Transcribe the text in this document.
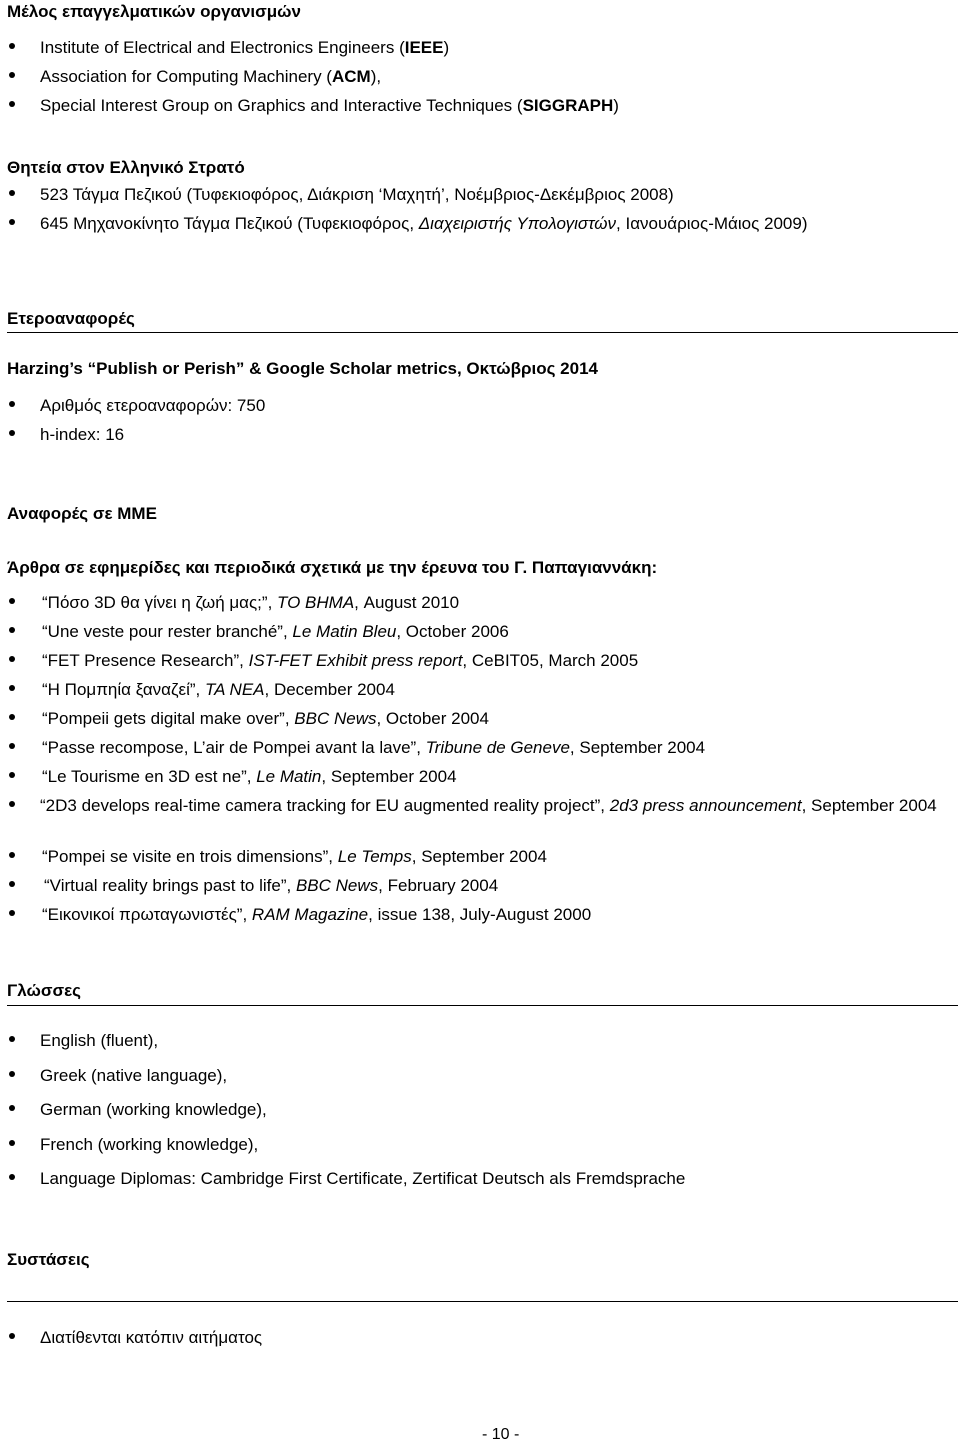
Μέλος επαγγελματικών οργανισμών
Institute of Electrical and Electronics Engineers (IEEE)
Association for Computing Machinery (ACM),
Special Interest Group on Graphics and Interactive Techniques (SIGGRAPH)
Θητεία στον Ελληνικό Στρατό
523 Τάγμα Πεζικού (Τυφεκιοφόρος, Διάκριση ‘Μαχητή’, Νοέμβριος-Δεκέμβριος 2008)
645 Μηχανοκίνητο Τάγμα Πεζικού (Τυφεκιοφόρος, Διαχειριστής Υπολογιστών, Ιανουάριος-Μάιος 2009)
Ετεροαναφορές
Harzing’s “Publish or Perish” & Google Scholar metrics, Οκτώβριος 2014
Αριθμός ετεροαναφορών: 750
h-index: 16
Αναφορές σε ΜΜΕ
Άρθρα σε εφημερίδες και περιοδικά σχετικά με την έρευνα του Γ. Παπαγιαννάκη:
“Πόσο 3D θα γίνει η ζωή μας;”, ΤΟ ΒΗΜΑ, August 2010
“Une veste pour rester branché”, Le Matin Bleu, October 2006
“FET Presence Research”, IST-FET Exhibit press report, CeBIT05, March 2005
“Η Πομπηία ξαναζεί”, TA NEA, December 2004
“Pompeii gets digital make over”, BBC News, October 2004
“Passe recompose, L’air de Pompei avant la lave”, Tribune de Geneve, September 2004
“Le Tourisme en 3D est ne”, Le Matin, September 2004
“2D3 develops real-time camera tracking for EU augmented reality project”, 2d3 press announcement, September 2004
“Pompei se visite en trois dimensions”, Le Temps, September 2004
“Virtual reality brings past to life”, BBC News, February 2004
“Εικονικοί πρωταγωνιστές”, RAM Magazine, issue 138, July-August 2000
Γλώσσες
English (fluent),
Greek (native language),
German (working knowledge),
French (working knowledge),
Language Diplomas: Cambridge First Certificate, Zertificat Deutsch als Fremdsprache
Συστάσεις
Διατίθενται κατόπιν αιτήματος
- 10 -
